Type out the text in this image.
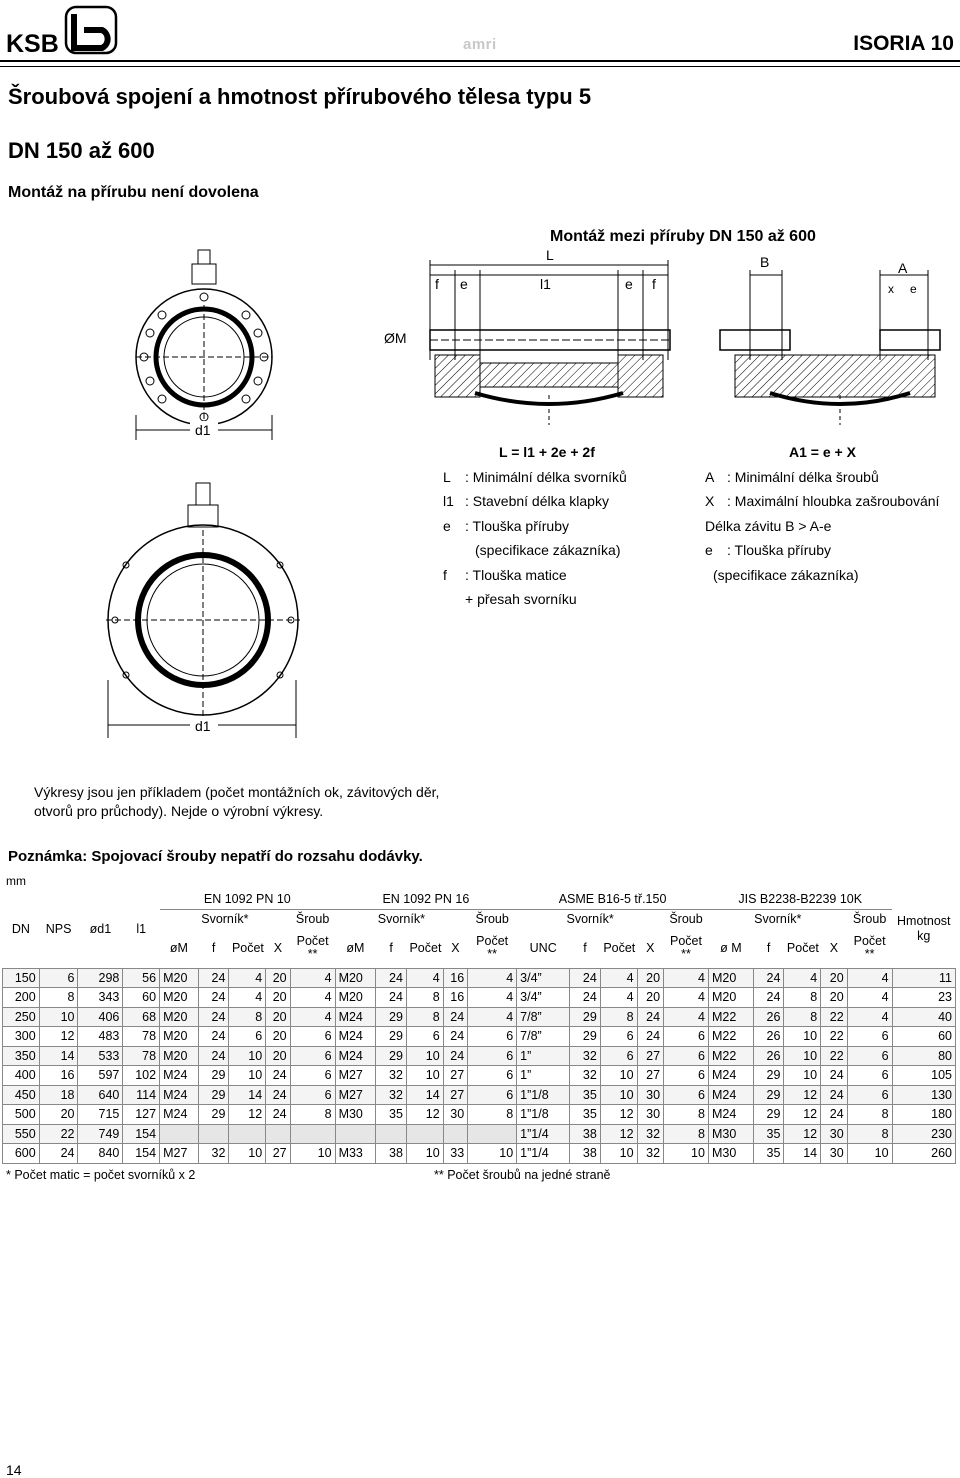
KSB	amri	ISORIA 10
Šroubová spojení a hmotnost přírubového tělesa typu 5
DN 150 až 600
Montáž na přírubu není dovolena
Montáž mezi příruby DN 150 až 600
d1
d1
L
f e	l1	e f
ØM
B	A
x e
L = l1 + 2e + 2f
L	: Minimální délka svorníků
l1 : Stavební délka klapky
e	: Tlouška příruby
(specifikace zákazníka)
f	: Tlouška matice
+ přesah svorníku
A1 = e + X
A : Minimální délka šroubů
X : Maximální hloubka zašroubování
Délka závitu B > A-e
e	: Tlouška příruby
(specifikace zákazníka)
Výkresy jsou jen příkladem (počet montážních ok, závitových děr, otvorů pro průchody). Nejde o výrobní výkresy.
Poznámka: Spojovací šrouby nepatří do rozsahu dodávky.
mm
DN	NPS	ød1	l1	EN 1092 PN 10					EN 1092 PN 16					ASME B16-5 tř.150					JIS B2238-B2239 10K					Hmotnost kg
				Svorník*				Šroub	Svorník*				Šroub	Svorník*				Šroub	Svorník*				Šroub	
				øM	f	Počet	X	Počet **	øM	f	Počet	X	Počet **	UNC	f	Počet	X	Počet **	ø M	f	Počet	X	Počet **	
150	6	298	56	M20	24	4	20	4	M20	24	4	16	4	3/4”	24	4	20	4	M20	24	4	20	4	11
200	8	343	60	M20	24	4	20	4	M20	24	8	16	4	3/4”	24	4	20	4	M20	24	8	20	4	23
250	10	406	68	M20	24	8	20	4	M24	29	8	24	4	7/8”	29	8	24	4	M22	26	8	22	4	40
300	12	483	78	M20	24	6	20	6	M24	29	6	24	6	7/8”	29	6	24	6	M22	26	10	22	6	60
350	14	533	78	M20	24	10	20	6	M24	29	10	24	6	1”	32	6	27	6	M22	26	10	22	6	80
400	16	597	102	M24	29	10	24	6	M27	32	10	27	6	1”	32	10	27	6	M24	29	10	24	6	105
450	18	640	114	M24	29	14	24	6	M27	32	14	27	6	1”1/8	35	10	30	6	M24	29	12	24	6	130
500	20	715	127	M24	29	12	24	8	M30	35	12	30	8	1”1/8	35	12	30	8	M24	29	12	24	8	180
550	22	749	154											1”1/4	38	12	32	8	M30	35	12	30	8	230
600	24	840	154	M27	32	10	27	10	M33	38	10	33	10	1”1/4	38	10	32	10	M30	35	14	30	10	260
* Počet matic = počet svorníků x 2	** Počet šroubů na jedné straně
14
